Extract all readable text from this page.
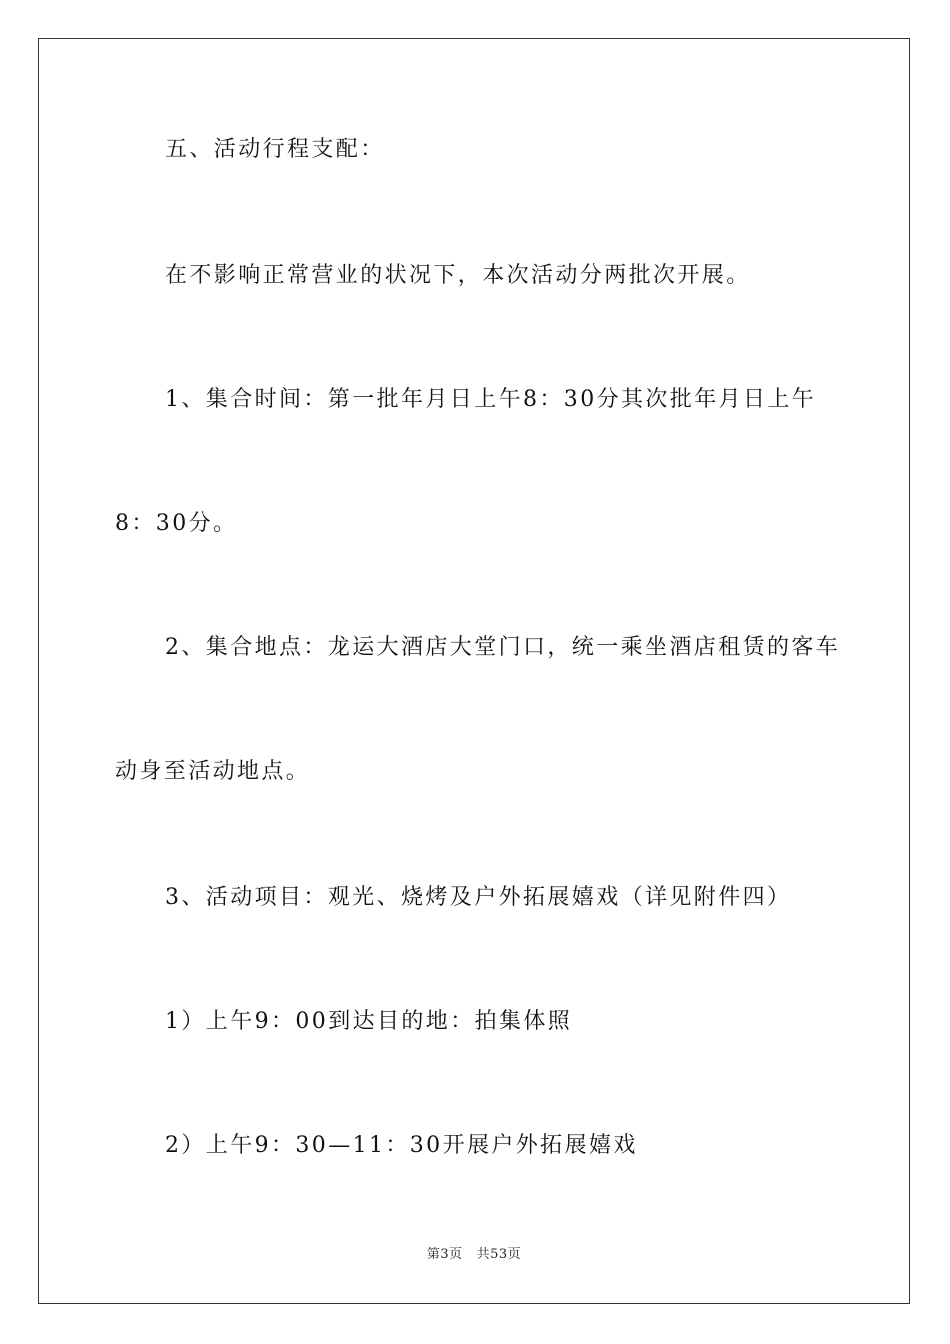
五、活动行程支配：
在不影响正常营业的状况下，本次活动分两批次开展。
1、集合时间：第一批年月日上午8：30分其次批年月日上午
8：30分。
2、集合地点：龙运大酒店大堂门口，统一乘坐酒店租赁的客车
动身至活动地点。
3、活动项目：观光、烧烤及户外拓展嬉戏（详见附件四）
1）上午9：00到达目的地：拍集体照
2）上午9：30—11：30开展户外拓展嬉戏
第3页 共53页
